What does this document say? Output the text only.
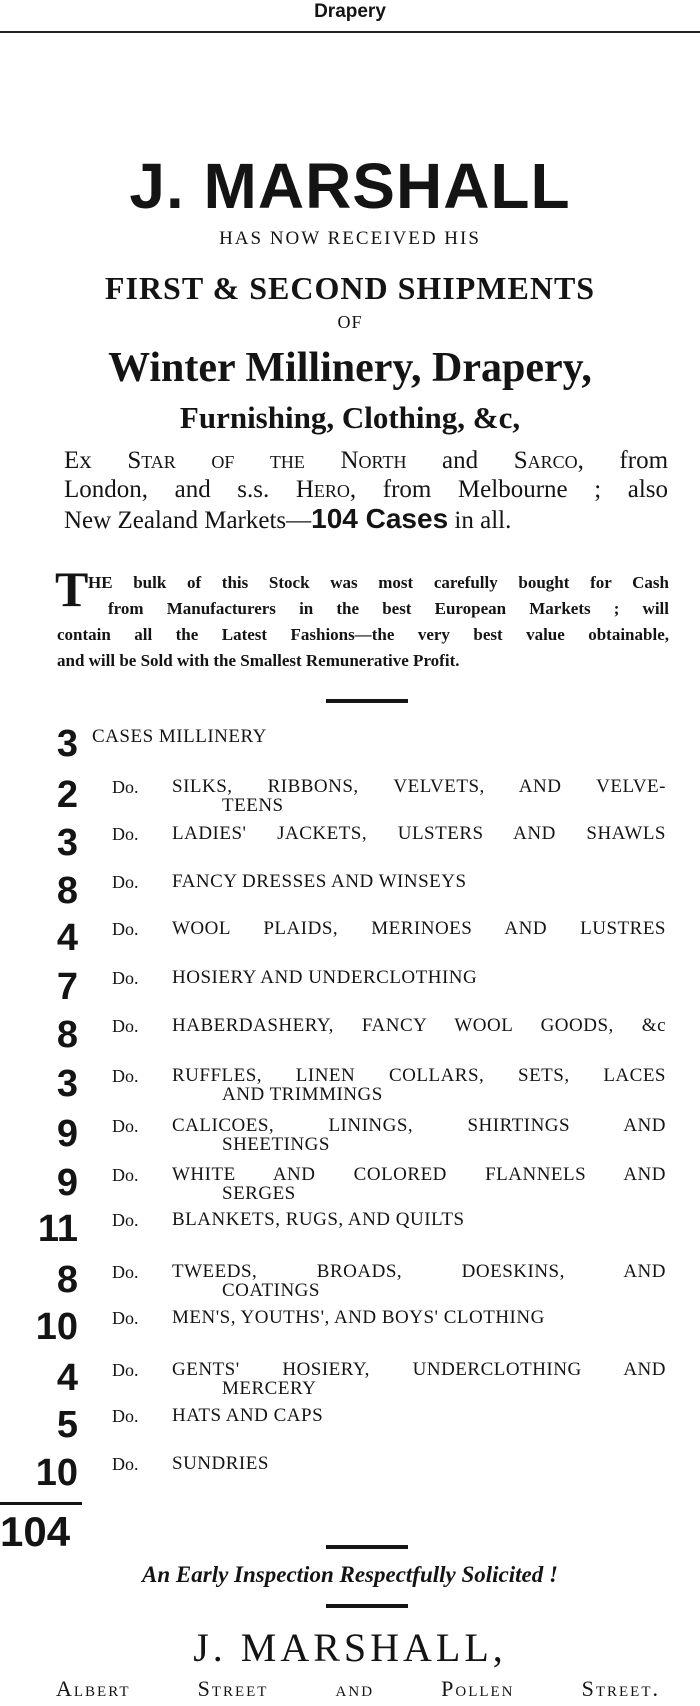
Drapery
J. MARSHALL
HAS NOW RECEIVED HIS
FIRST & SECOND SHIPMENTS
OF
Winter Millinery, Drapery,
Furnishing, Clothing, &c,
Ex Star of the North and Sarco, from
London, and s.s. Hero, from Melbourne ; also
New Zealand Markets—104 Cases in all.
T HE bulk of this Stock was most carefully bought for Cash
from Manufacturers in the best European Markets ; will
contain all the Latest Fashions—the very best value obtainable,
and will be Sold with the Smallest Remunerative Profit.
3 CASES MILLINERY
2 Do. SILKS, RIBBONS, VELVETS, AND VELVE-
TEENS
3 Do. LADIES' JACKETS, ULSTERS AND SHAWLS
8 Do. FANCY DRESSES AND WINSEYS
4 Do. WOOL PLAIDS, MERINOES AND LUSTRES
7 Do. HOSIERY AND UNDERCLOTHING
8 Do. HABERDASHERY, FANCY WOOL GOODS, &c
3 Do. RUFFLES, LINEN COLLARS, SETS, LACES
AND TRIMMINGS
9 Do. CALICOES, LININGS, SHIRTINGS AND
SHEETINGS
9 Do. WHITE AND COLORED FLANNELS AND
SERGES
11 Do. BLANKETS, RUGS, AND QUILTS
8 Do. TWEEDS, BROADS, DOESKINS, AND
COATINGS
10 Do. MEN'S, YOUTHS', AND BOYS' CLOTHING
4 Do. GENTS' HOSIERY, UNDERCLOTHING AND
MERCERY
5 Do. HATS AND CAPS
10 Do. SUNDRIES
104
An Early Inspection Respectfully Solicited !
J. MARSHALL,
Albert Street and Pollen Street.
